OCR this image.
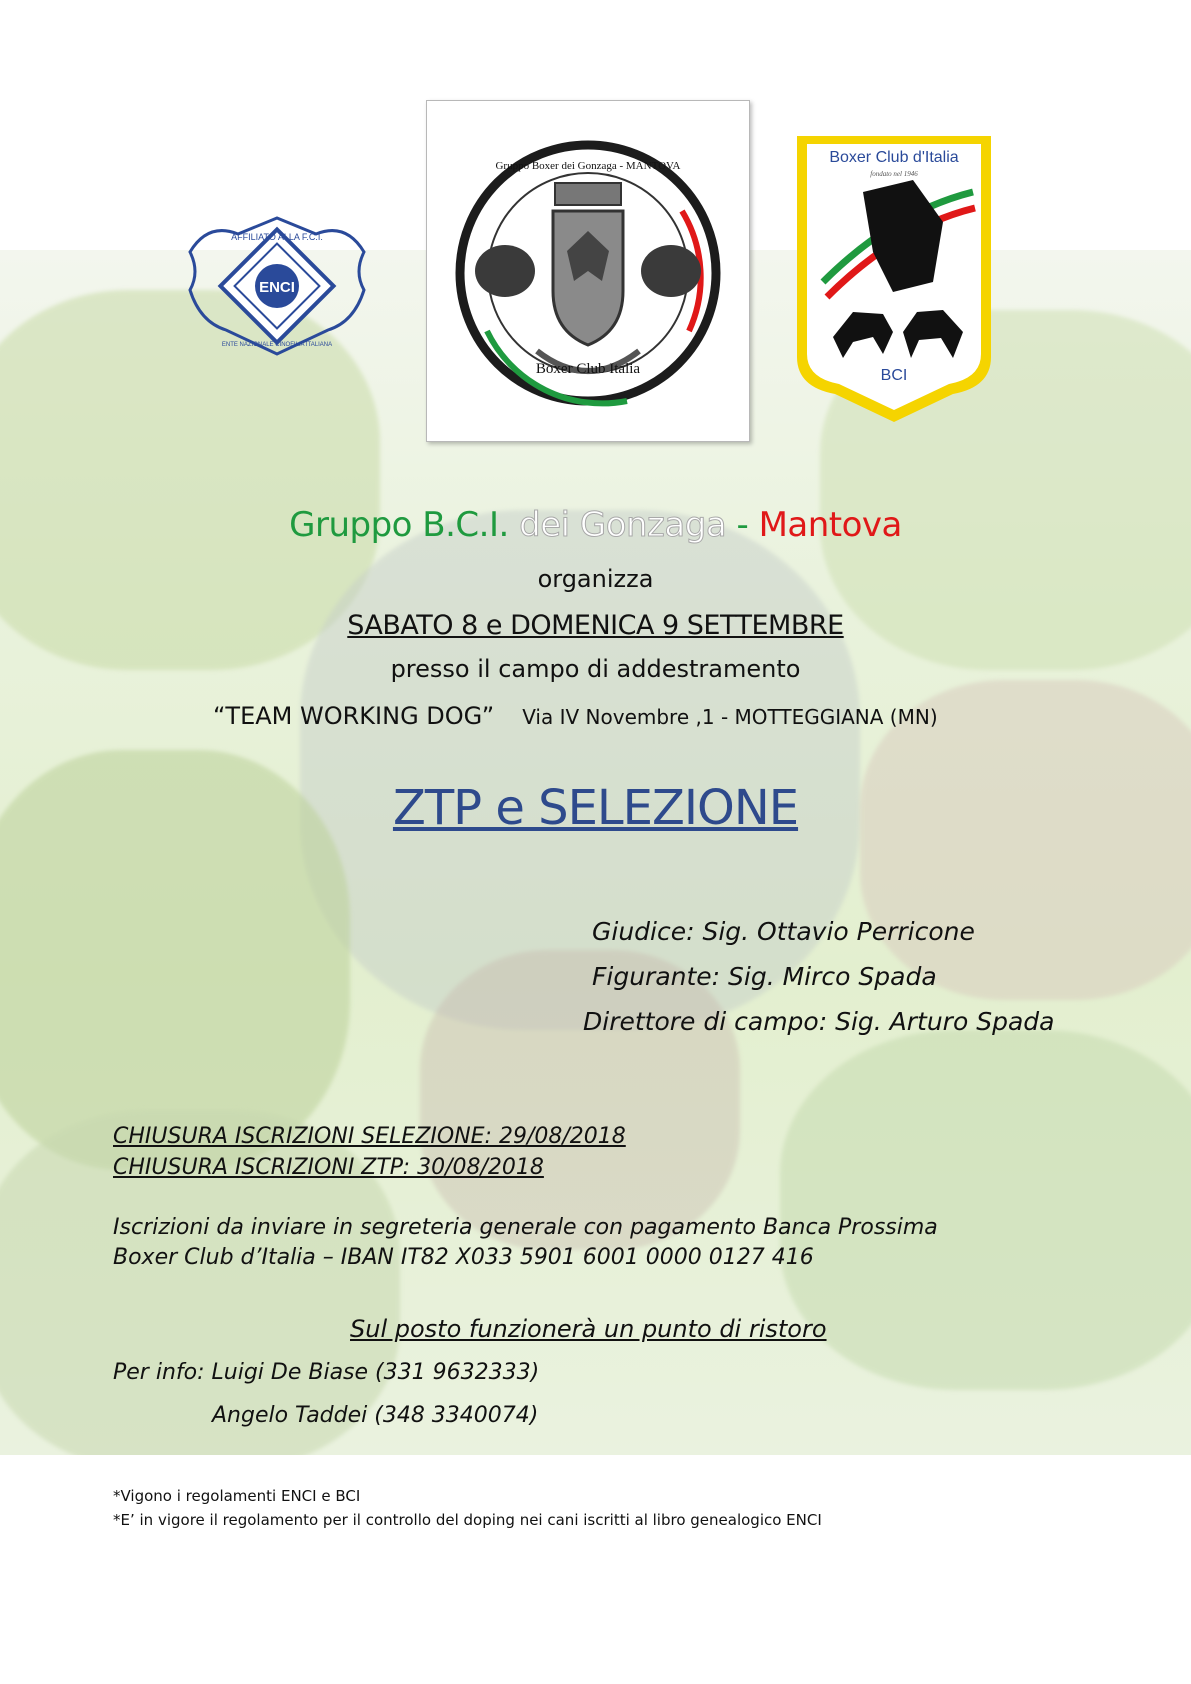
ENCI
AFFILIATO ALLA F.C.I.
ENTE NAZIONALE CINOFILIA ITALIANA
Boxer Club Italia
Gruppo Boxer dei Gonzaga - MANTOVA	Boxer Club d'Italia
fondato nel 1946
BCI
Gruppo B.C.I. dei Gonzaga - Mantova
organizza
SABATO 8 e DOMENICA 9 SETTEMBRE
presso il campo di addestramento
“TEAM WORKING DOG” Via IV Novembre ,1 - MOTTEGGIANA (MN)
ZTP e SELEZIONE
Giudice: Sig. Ottavio Perricone
Figurante: Sig. Mirco Spada
Direttore di campo: Sig. Arturo Spada
CHIUSURA ISCRIZIONI SELEZIONE: 29/08/2018
CHIUSURA ISCRIZIONI ZTP: 30/08/2018
Iscrizioni da inviare in segreteria generale con pagamento Banca Prossima
Boxer Club d’Italia – IBAN IT82 X033 5901 6001 0000 0127 416
Sul posto funzionerà un punto di ristoro
Per info: Luigi De Biase (331 9632333)
Angelo Taddei (348 3340074)
*Vigono i regolamenti ENCI e BCI
*E’ in vigore il regolamento per il controllo del doping nei cani iscritti al libro genealogico ENCI
